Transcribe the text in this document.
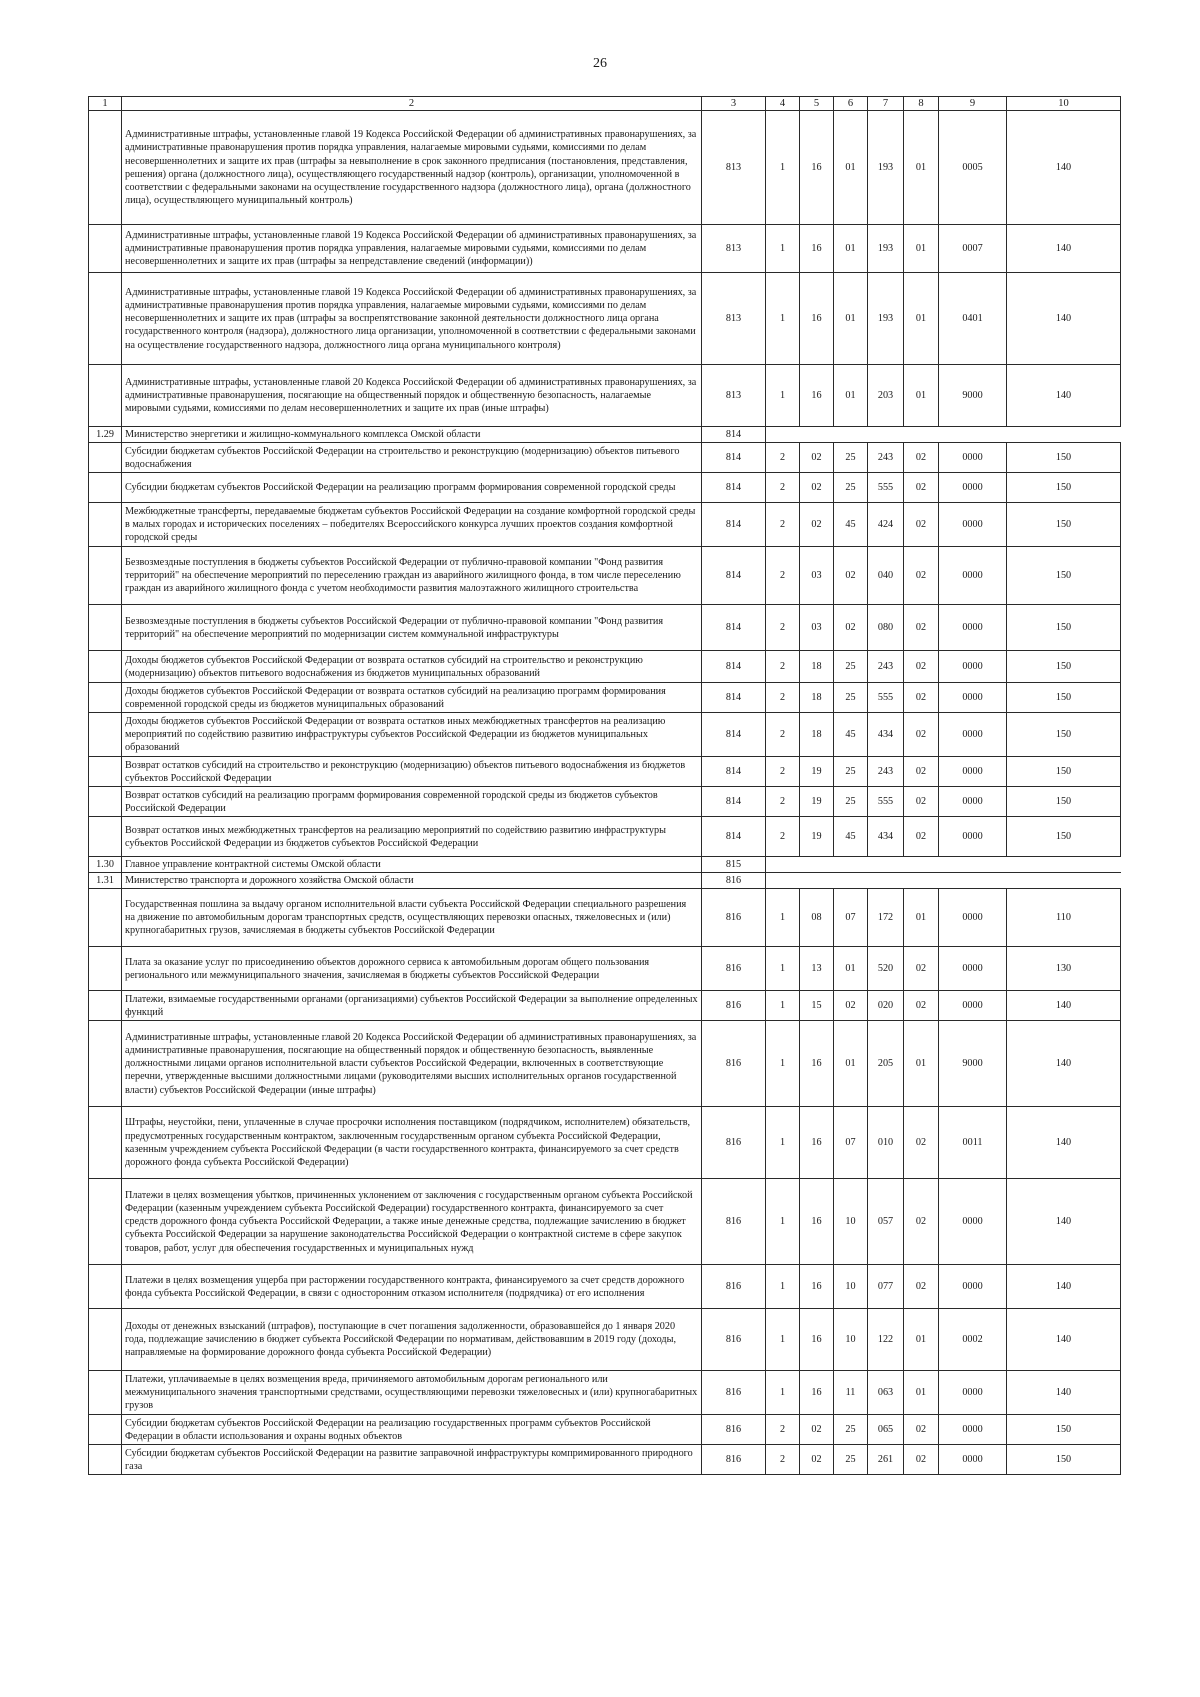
26
1	2	3	4	5	6	7	8	9	10
	Административные штрафы, установленные главой 19 Кодекса Российской Федерации об административных правонарушениях, за административные правонарушения против порядка управления, налагаемые мировыми судьями, комиссиями по делам несовершеннолетних и защите их прав (штрафы за невыполнение в срок законного предписания (постановления, представления, решения) органа (должностного лица), осуществляющего государственный надзор (контроль), организации, уполномоченной в соответствии с федеральными законами на осуществление государственного надзора (должностного лица), органа (должностного лица), осуществляющего муниципальный контроль)	813	1	16	01	193	01	0005	140
	Административные штрафы, установленные главой 19 Кодекса Российской Федерации об административных правонарушениях, за административные правонарушения против порядка управления, налагаемые мировыми судьями, комиссиями по делам несовершеннолетних и защите их прав (штрафы за непредставление сведений (информации))	813	1	16	01	193	01	0007	140
	Административные штрафы, установленные главой 19 Кодекса Российской Федерации об административных правонарушениях, за административные правонарушения против порядка управления, налагаемые мировыми судьями, комиссиями по делам несовершеннолетних и защите их прав (штрафы за воспрепятствование законной деятельности должностного лица органа государственного контроля (надзора), должностного лица организации, уполномоченной в соответствии с федеральными законами на осуществление государственного надзора, должностного лица органа муниципального контроля)	813	1	16	01	193	01	0401	140
	Административные штрафы, установленные главой 20 Кодекса Российской Федерации об административных правонарушениях, за административные правонарушения, посягающие на общественный порядок и общественную безопасность, налагаемые мировыми судьями, комиссиями по делам несовершеннолетних и защите их прав (иные штрафы)	813	1	16	01	203	01	9000	140
1.29	Министерство энергетики и жилищно-коммунального комплекса Омской области	814							
	Субсидии бюджетам субъектов Российской Федерации на строительство и реконструкцию (модернизацию) объектов питьевого водоснабжения	814	2	02	25	243	02	0000	150
	Субсидии бюджетам субъектов Российской Федерации на реализацию программ формирования современной городской среды	814	2	02	25	555	02	0000	150
	Межбюджетные трансферты, передаваемые бюджетам субъектов Российской Федерации на создание комфортной городской среды в малых городах и исторических поселениях – победителях Всероссийского конкурса лучших проектов создания комфортной городской среды	814	2	02	45	424	02	0000	150
	Безвозмездные поступления в бюджеты субъектов Российской Федерации от публично-правовой компании "Фонд развития территорий" на обеспечение мероприятий по переселению граждан из аварийного жилищного фонда, в том числе переселению граждан из аварийного жилищного фонда с учетом необходимости развития малоэтажного жилищного строительства	814	2	03	02	040	02	0000	150
	Безвозмездные поступления в бюджеты субъектов Российской Федерации от публично-правовой компании "Фонд развития территорий" на обеспечение мероприятий по модернизации систем коммунальной инфраструктуры	814	2	03	02	080	02	0000	150
	Доходы бюджетов субъектов Российской Федерации от возврата остатков субсидий на строительство и реконструкцию (модернизацию) объектов питьевого водоснабжения из бюджетов муниципальных образований	814	2	18	25	243	02	0000	150
	Доходы бюджетов субъектов Российской Федерации от возврата остатков субсидий на реализацию программ формирования современной городской среды из бюджетов муниципальных образований	814	2	18	25	555	02	0000	150
	Доходы бюджетов субъектов Российской Федерации от возврата остатков иных межбюджетных трансфертов на реализацию мероприятий по содействию развитию инфраструктуры субъектов Российской Федерации из бюджетов муниципальных образований	814	2	18	45	434	02	0000	150
	Возврат остатков субсидий на строительство и реконструкцию (модернизацию) объектов питьевого водоснабжения из бюджетов субъектов Российской Федерации	814	2	19	25	243	02	0000	150
	Возврат остатков субсидий на реализацию программ формирования современной городской среды из бюджетов субъектов Российской Федерации	814	2	19	25	555	02	0000	150
	Возврат остатков иных межбюджетных трансфертов на реализацию мероприятий по содействию развитию инфраструктуры субъектов Российской Федерации из бюджетов субъектов Российской Федерации	814	2	19	45	434	02	0000	150
1.30	Главное управление контрактной системы Омской области	815							
1.31	Министерство транспорта и дорожного хозяйства Омской области	816							
	Государственная пошлина за выдачу органом исполнительной власти субъекта Российской Федерации специального разрешения на движение по автомобильным дорогам транспортных средств, осуществляющих перевозки опасных, тяжеловесных и (или) крупногабаритных грузов, зачисляемая в бюджеты субъектов Российской Федерации	816	1	08	07	172	01	0000	110
	Плата за оказание услуг по присоединению объектов дорожного сервиса к автомобильным дорогам общего пользования регионального или межмуниципального значения, зачисляемая в бюджеты субъектов Российской Федерации	816	1	13	01	520	02	0000	130
	Платежи, взимаемые государственными органами (организациями) субъектов Российской Федерации за выполнение определенных функций	816	1	15	02	020	02	0000	140
	Административные штрафы, установленные главой 20 Кодекса Российской Федерации об административных правонарушениях, за административные правонарушения, посягающие на общественный порядок и общественную безопасность, выявленные должностными лицами органов исполнительной власти субъектов Российской Федерации, включенных в соответствующие перечни, утвержденные высшими должностными лицами (руководителями высших исполнительных органов государственной власти) субъектов Российской Федерации (иные штрафы)	816	1	16	01	205	01	9000	140
	Штрафы, неустойки, пени, уплаченные в случае просрочки исполнения поставщиком (подрядчиком, исполнителем) обязательств, предусмотренных государственным контрактом, заключенным государственным органом субъекта Российской Федерации, казенным учреждением субъекта Российской Федерации (в части государственного контракта, финансируемого за счет средств дорожного фонда субъекта Российской Федерации)	816	1	16	07	010	02	0011	140
	Платежи в целях возмещения убытков, причиненных уклонением от заключения с государственным органом субъекта Российской Федерации (казенным учреждением субъекта Российской Федерации) государственного контракта, финансируемого за счет средств дорожного фонда субъекта Российской Федерации, а также иные денежные средства, подлежащие зачислению в бюджет субъекта Российской Федерации за нарушение законодательства Российской Федерации о контрактной системе в сфере закупок товаров, работ, услуг для обеспечения государственных и муниципальных нужд	816	1	16	10	057	02	0000	140
	Платежи в целях возмещения ущерба при расторжении государственного контракта, финансируемого за счет средств дорожного фонда субъекта Российской Федерации, в связи с односторонним отказом исполнителя (подрядчика) от его исполнения	816	1	16	10	077	02	0000	140
	Доходы от денежных взысканий (штрафов), поступающие в счет погашения задолженности, образовавшейся до 1 января 2020 года, подлежащие зачислению в бюджет субъекта Российской Федерации по нормативам, действовавшим в 2019 году (доходы, направляемые на формирование дорожного фонда субъекта Российской Федерации)	816	1	16	10	122	01	0002	140
	Платежи, уплачиваемые в целях возмещения вреда, причиняемого автомобильным дорогам регионального или межмуниципального значения транспортными средствами, осуществляющими перевозки тяжеловесных и (или) крупногабаритных грузов	816	1	16	11	063	01	0000	140
	Субсидии бюджетам субъектов Российской Федерации на реализацию государственных программ субъектов Российской Федерации в области использования и охраны водных объектов	816	2	02	25	065	02	0000	150
	Субсидии бюджетам субъектов Российской Федерации на развитие заправочной инфраструктуры компримированного природного газа	816	2	02	25	261	02	0000	150
